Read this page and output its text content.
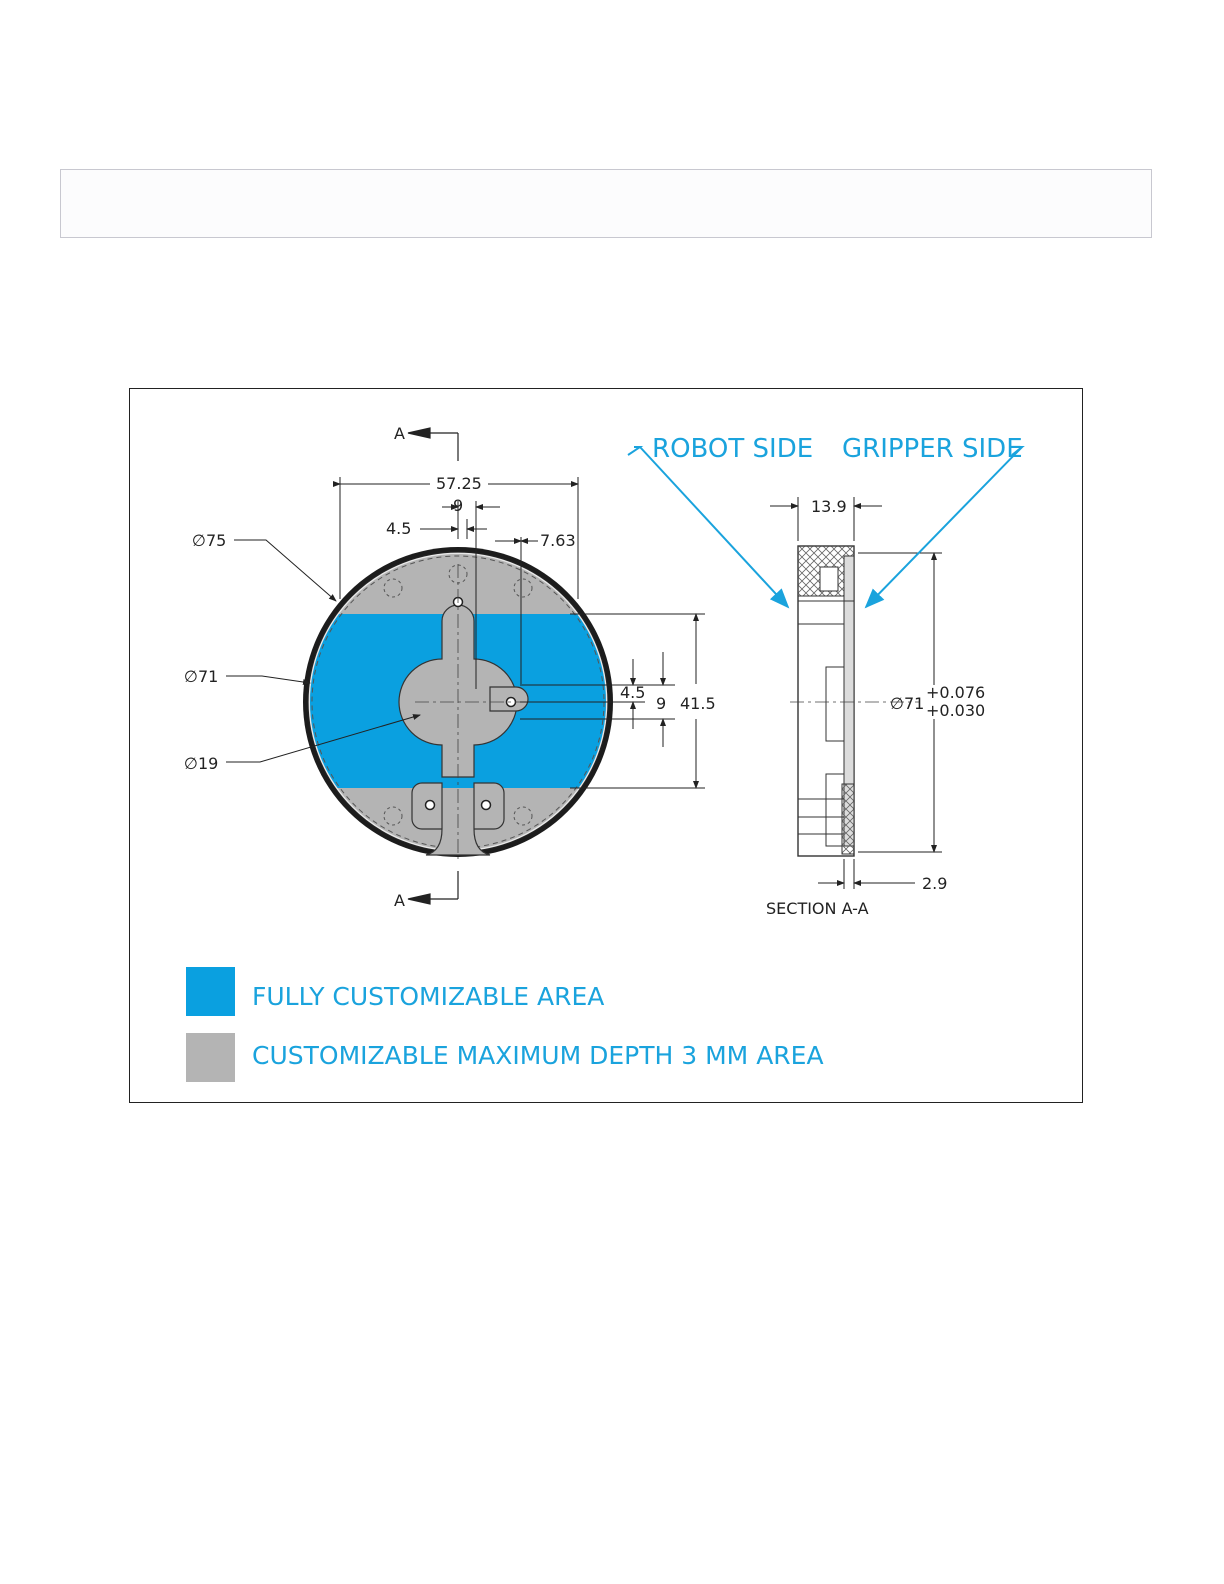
A
A
57.25
9
4.5
7.63
∅75
∅71
∅19
4.5
9 41.5
13.9
∅71
+0.076
+0.030
2.9
SECTION A-A
ROBOT SIDE GRIPPER SIDE
FULLY CUSTOMIZABLE AREA
CUSTOMIZABLE MAXIMUM DEPTH 3 MM AREA
